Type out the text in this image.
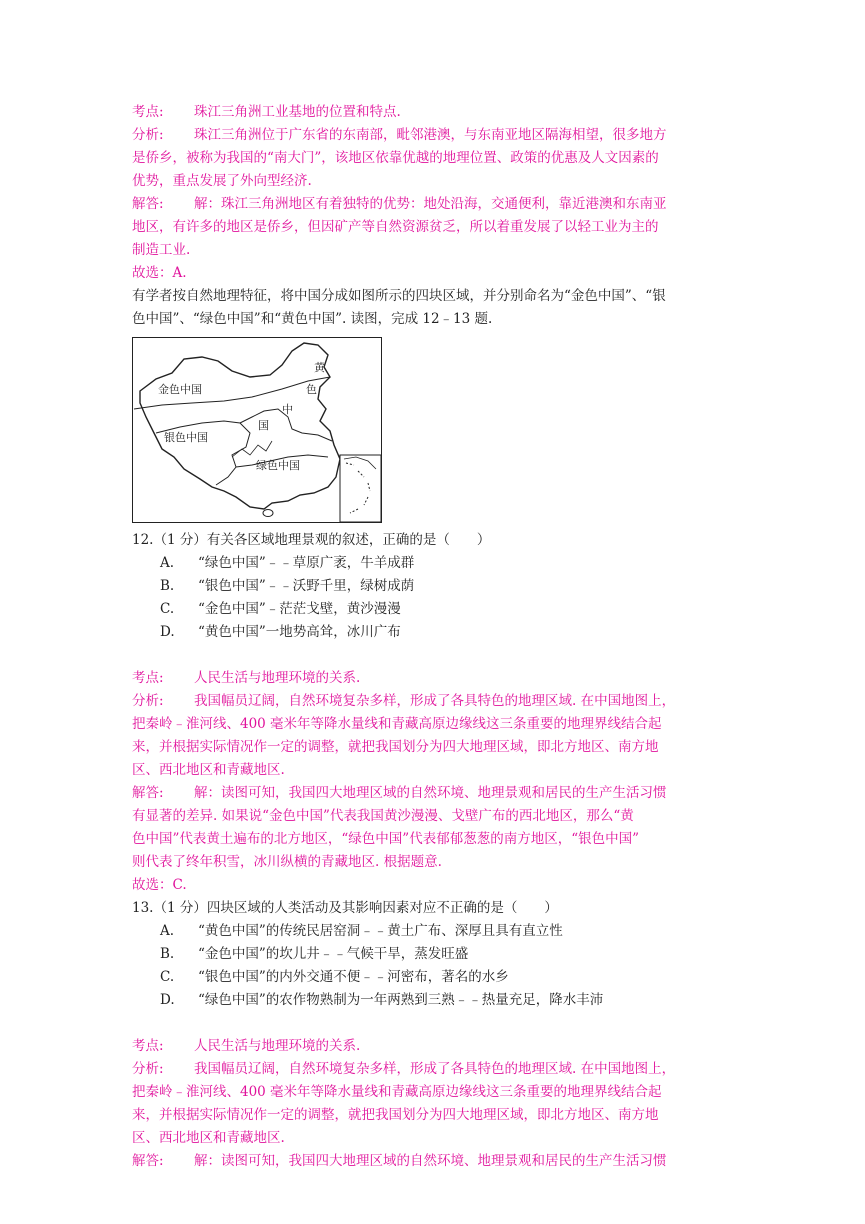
考点: 珠江三角洲工业基地的位置和特点.
分析: 珠江三角洲位于广东省的东南部，毗邻港澳，与东南亚地区隔海相望，很多地方
是侨乡，被称为我国的“南大门”，该地区依靠优越的地理位置、政策的优惠及人文因素的
优势，重点发展了外向型经济.
解答: 解：珠江三角洲地区有着独特的优势：地处沿海，交通便利，靠近港澳和东南亚
地区，有许多的地区是侨乡，但因矿产等自然资源贫乏，所以着重发展了以轻工业为主的
制造工业.
故选：A.
有学者按自然地理特征，将中国分成如图所示的四块区域，并分别命名为“金色中国”、“银
色中国”、“绿色中国”和“黄色中国”. 读图，完成 12﹣13 题.
金色中国
银色中国
绿色中国
黄
色
中
国
12.（1 分）有关各区域地理景观的叙述，正确的是（　　）
A. “绿色中国”﹣﹣草原广袤，牛羊成群
B. “银色中国”﹣﹣沃野千里，绿树成荫
C. “金色中国”﹣茫茫戈壁，黄沙漫漫
D. “黄色中国”一地势高耸，冰川广布
考点: 人民生活与地理环境的关系.
分析: 我国幅员辽阔，自然环境复杂多样，形成了各具特色的地理区域. 在中国地图上，
把秦岭﹣淮河线、400 毫米年等降水量线和青藏高原边缘线这三条重要的地理界线结合起
来，并根据实际情况作一定的调整，就把我国划分为四大地理区域，即北方地区、南方地
区、西北地区和青藏地区.
解答: 解：读图可知，我国四大地理区域的自然环境、地理景观和居民的生产生活习惯
有显著的差异. 如果说“金色中国”代表我国黄沙漫漫、戈壁广布的西北地区，那么“黄
色中国”代表黄土遍布的北方地区，“绿色中国”代表郁郁葱葱的南方地区，“银色中国”
则代表了终年积雪，冰川纵横的青藏地区. 根据题意.
故选：C.
13.（1 分）四块区域的人类活动及其影响因素对应不正确的是（　　）
A. “黄色中国”的传统民居窑洞﹣﹣黄土广布、深厚且具有直立性
B. “金色中国”的坎儿井﹣﹣气候干旱，蒸发旺盛
C. “银色中国”的内外交通不便﹣﹣河密布，著名的水乡
D. “绿色中国”的农作物熟制为一年两熟到三熟﹣﹣热量充足，降水丰沛
考点: 人民生活与地理环境的关系.
分析: 我国幅员辽阔，自然环境复杂多样，形成了各具特色的地理区域. 在中国地图上，
把秦岭﹣淮河线、400 毫米年等降水量线和青藏高原边缘线这三条重要的地理界线结合起
来，并根据实际情况作一定的调整，就把我国划分为四大地理区域，即北方地区、南方地
区、西北地区和青藏地区.
解答: 解：读图可知，我国四大地理区域的自然环境、地理景观和居民的生产生活习惯
